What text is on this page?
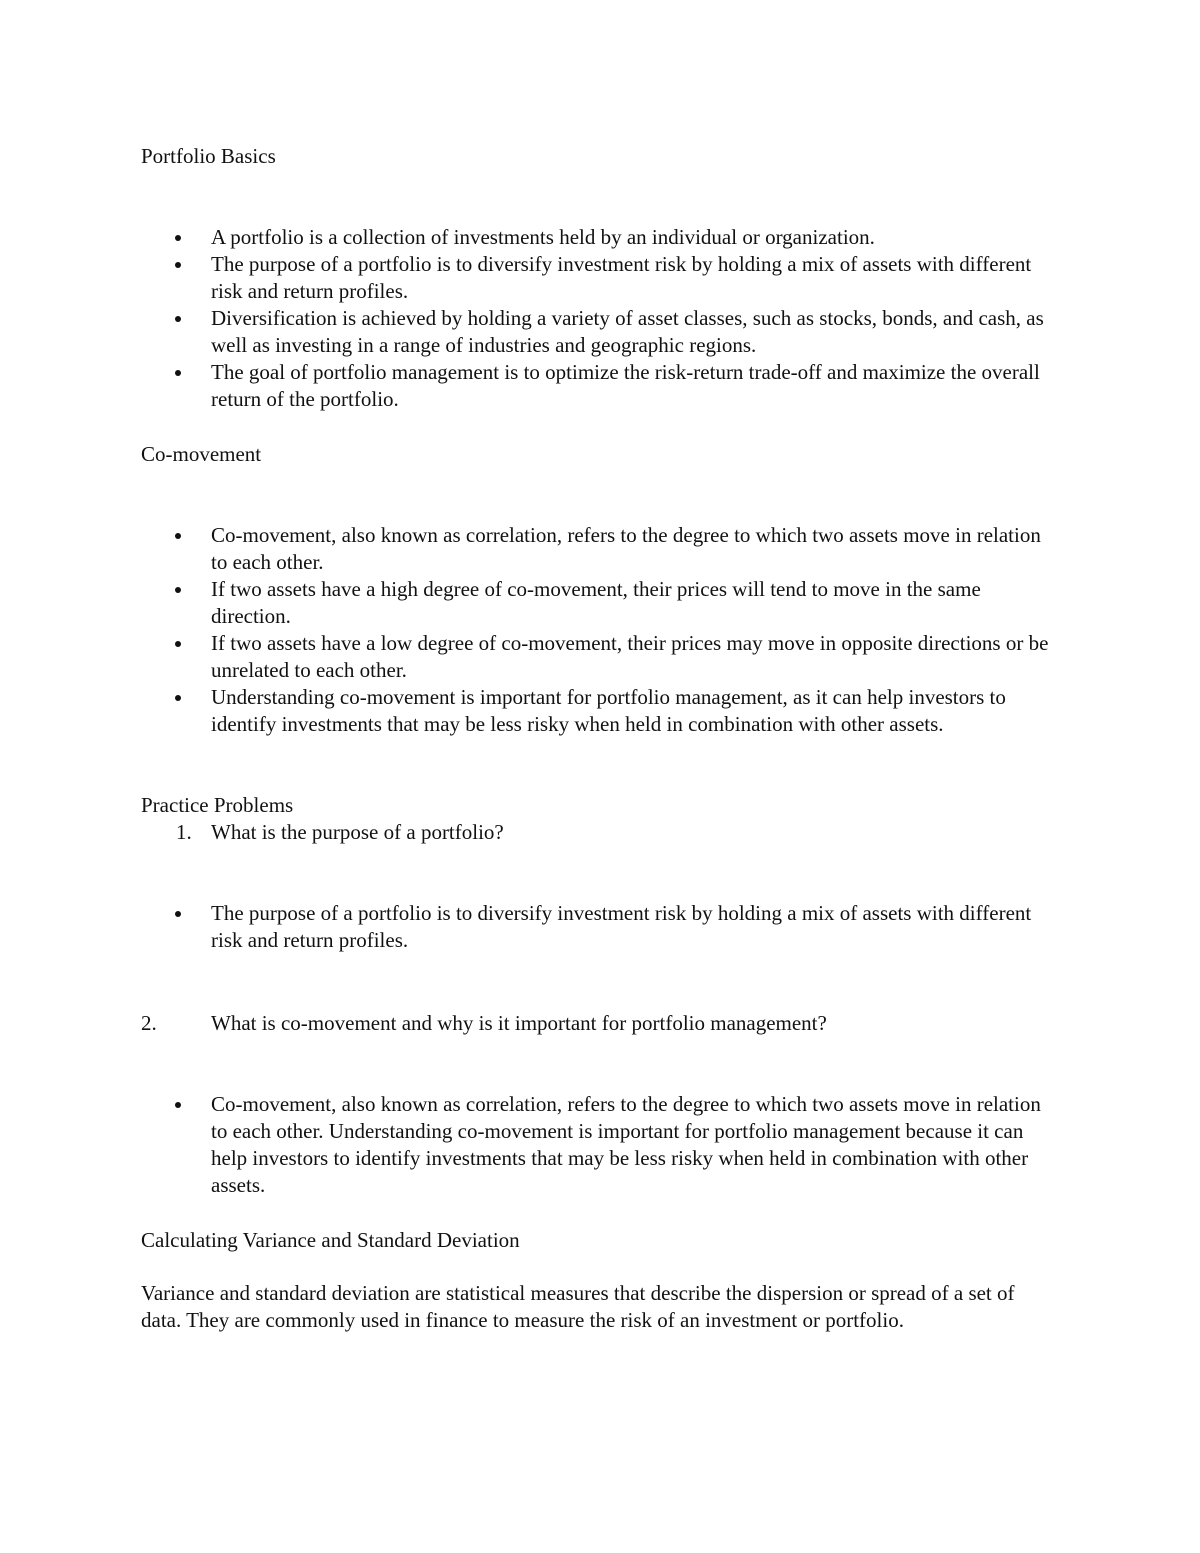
Portfolio Basics
A portfolio is a collection of investments held by an individual or organization.
The purpose of a portfolio is to diversify investment risk by holding a mix of assets with different risk and return profiles.
Diversification is achieved by holding a variety of asset classes, such as stocks, bonds, and cash, as well as investing in a range of industries and geographic regions.
The goal of portfolio management is to optimize the risk-return trade-off and maximize the overall return of the portfolio.
Co-movement
Co-movement, also known as correlation, refers to the degree to which two assets move in relation to each other.
If two assets have a high degree of co-movement, their prices will tend to move in the same direction.
If two assets have a low degree of co-movement, their prices may move in opposite directions or be unrelated to each other.
Understanding co-movement is important for portfolio management, as it can help investors to identify investments that may be less risky when held in combination with other assets.
Practice Problems
1. What is the purpose of a portfolio?
The purpose of a portfolio is to diversify investment risk by holding a mix of assets with different risk and return profiles.
2.	What is co-movement and why is it important for portfolio management?
Co-movement, also known as correlation, refers to the degree to which two assets move in relation to each other. Understanding co-movement is important for portfolio management because it can help investors to identify investments that may be less risky when held in combination with other assets.
Calculating Variance and Standard Deviation

Variance and standard deviation are statistical measures that describe the dispersion or spread of a set of data. They are commonly used in finance to measure the risk of an investment or portfolio.
